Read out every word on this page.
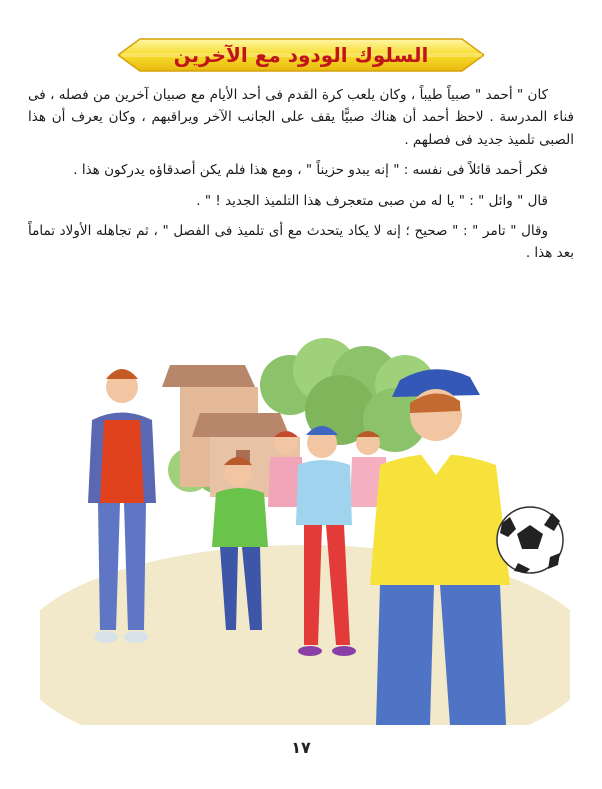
السلوك الودود مع الآخرين

كان " أحمد " صبياً طيباً ، وكان يلعب كرة القدم فى أحد الأيام مع صبيان آخرين من فصله ، فى فناء المدرسة . لاحظ أحمد أن هناك صبيًّا يقف على الجانب الآخر ويراقبهم ، وكان يعرف أن هذا الصبى تلميذ جديد فى فصلهم .

فكر أحمد قائلاً فى نفسه : " إنه يبدو حزيناً " ، ومع هذا فلم يكن أصدقاؤه يدركون هذا .

قال " وائل " : " يا له من صبى متعجرف هذا التلميذ الجديد ! " .

وقال " تامر " : " صحيح ؛ إنه لا يكاد يتحدث مع أى تلميذ فى الفصل " ، ثم تجاهله الأولاد تماماً بعد هذا .

١٧
